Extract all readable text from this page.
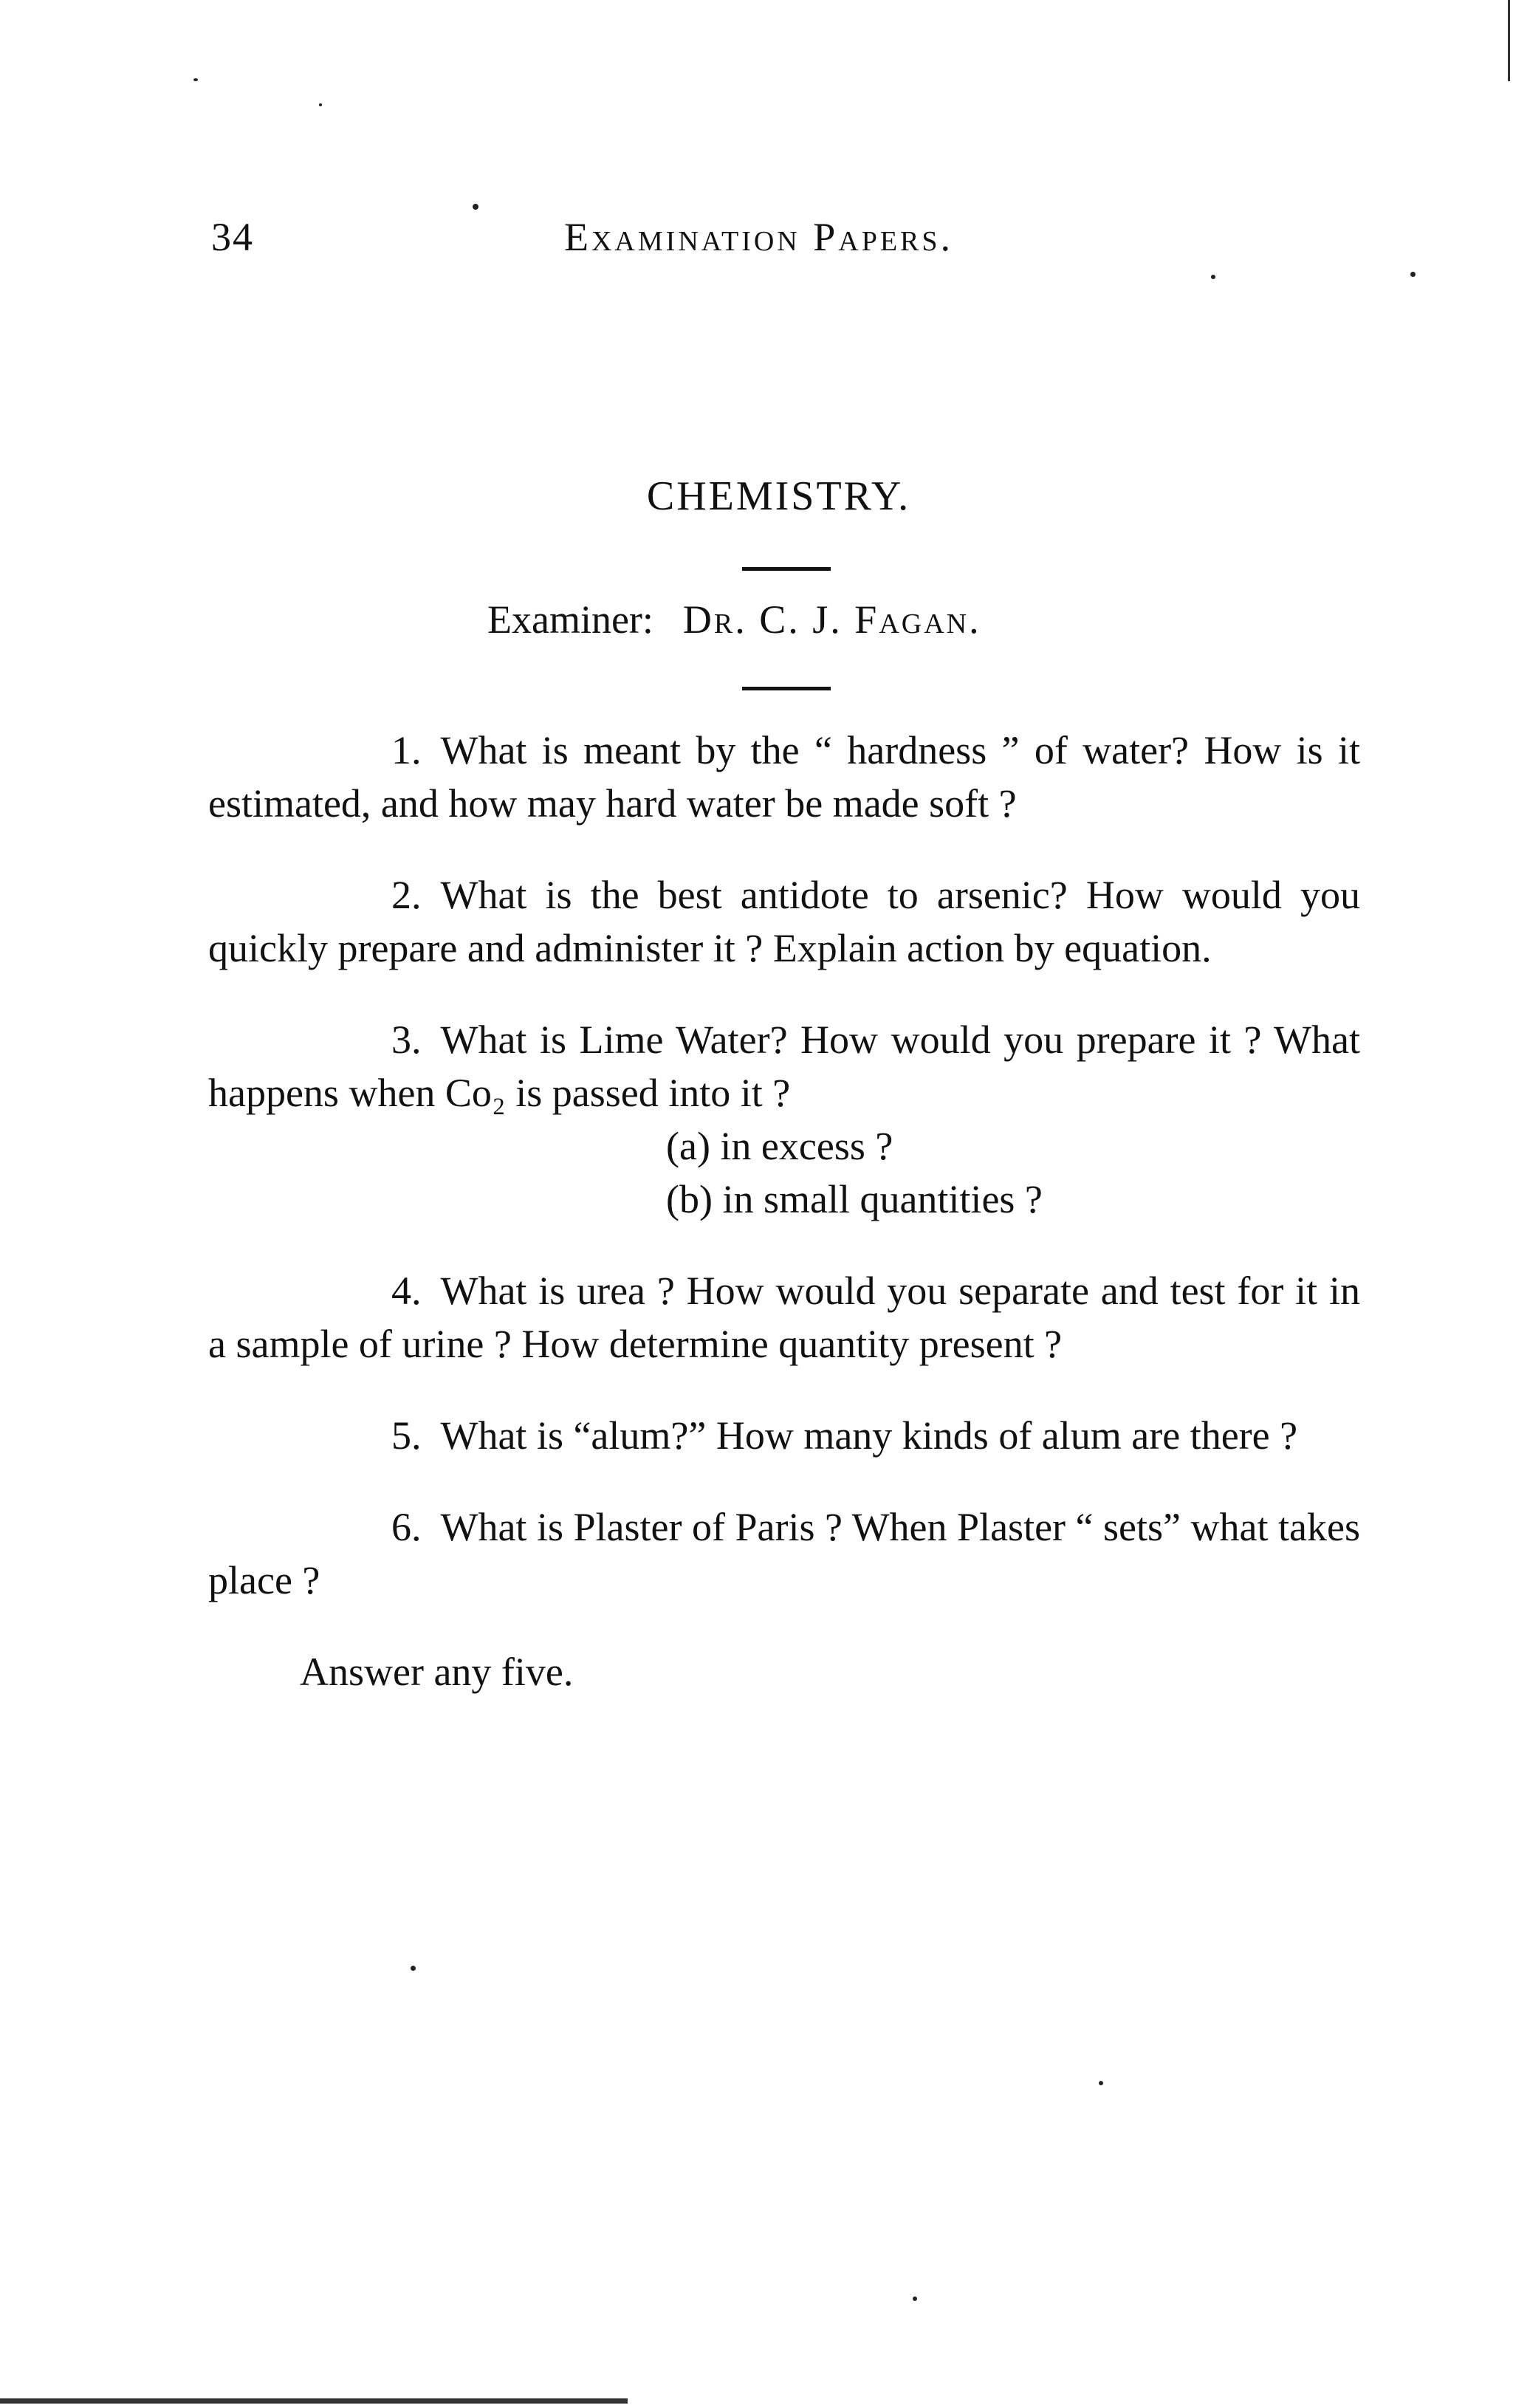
34	Examination Papers.
CHEMISTRY.
Examiner: Dr. C. J. Fagan.

1. What is meant by the “ hardness ” of water? How is it estimated, and how may hard water be made soft ?

2. What is the best antidote to arsenic? How would you quickly prepare and administer it ? Explain action by equation.

3. What is Lime Water? How would you prepare it ? What happens when Co₂ is passed into it ?
(a) in excess ?
(b) in small quantities ?

4. What is urea ? How would you separate and test for it in a sample of urine ? How determine quantity present ?

5. What is “alum?” How many kinds of alum are there ?

6. What is Plaster of Paris ? When Plaster “ sets” what takes place ?

Answer any five.
